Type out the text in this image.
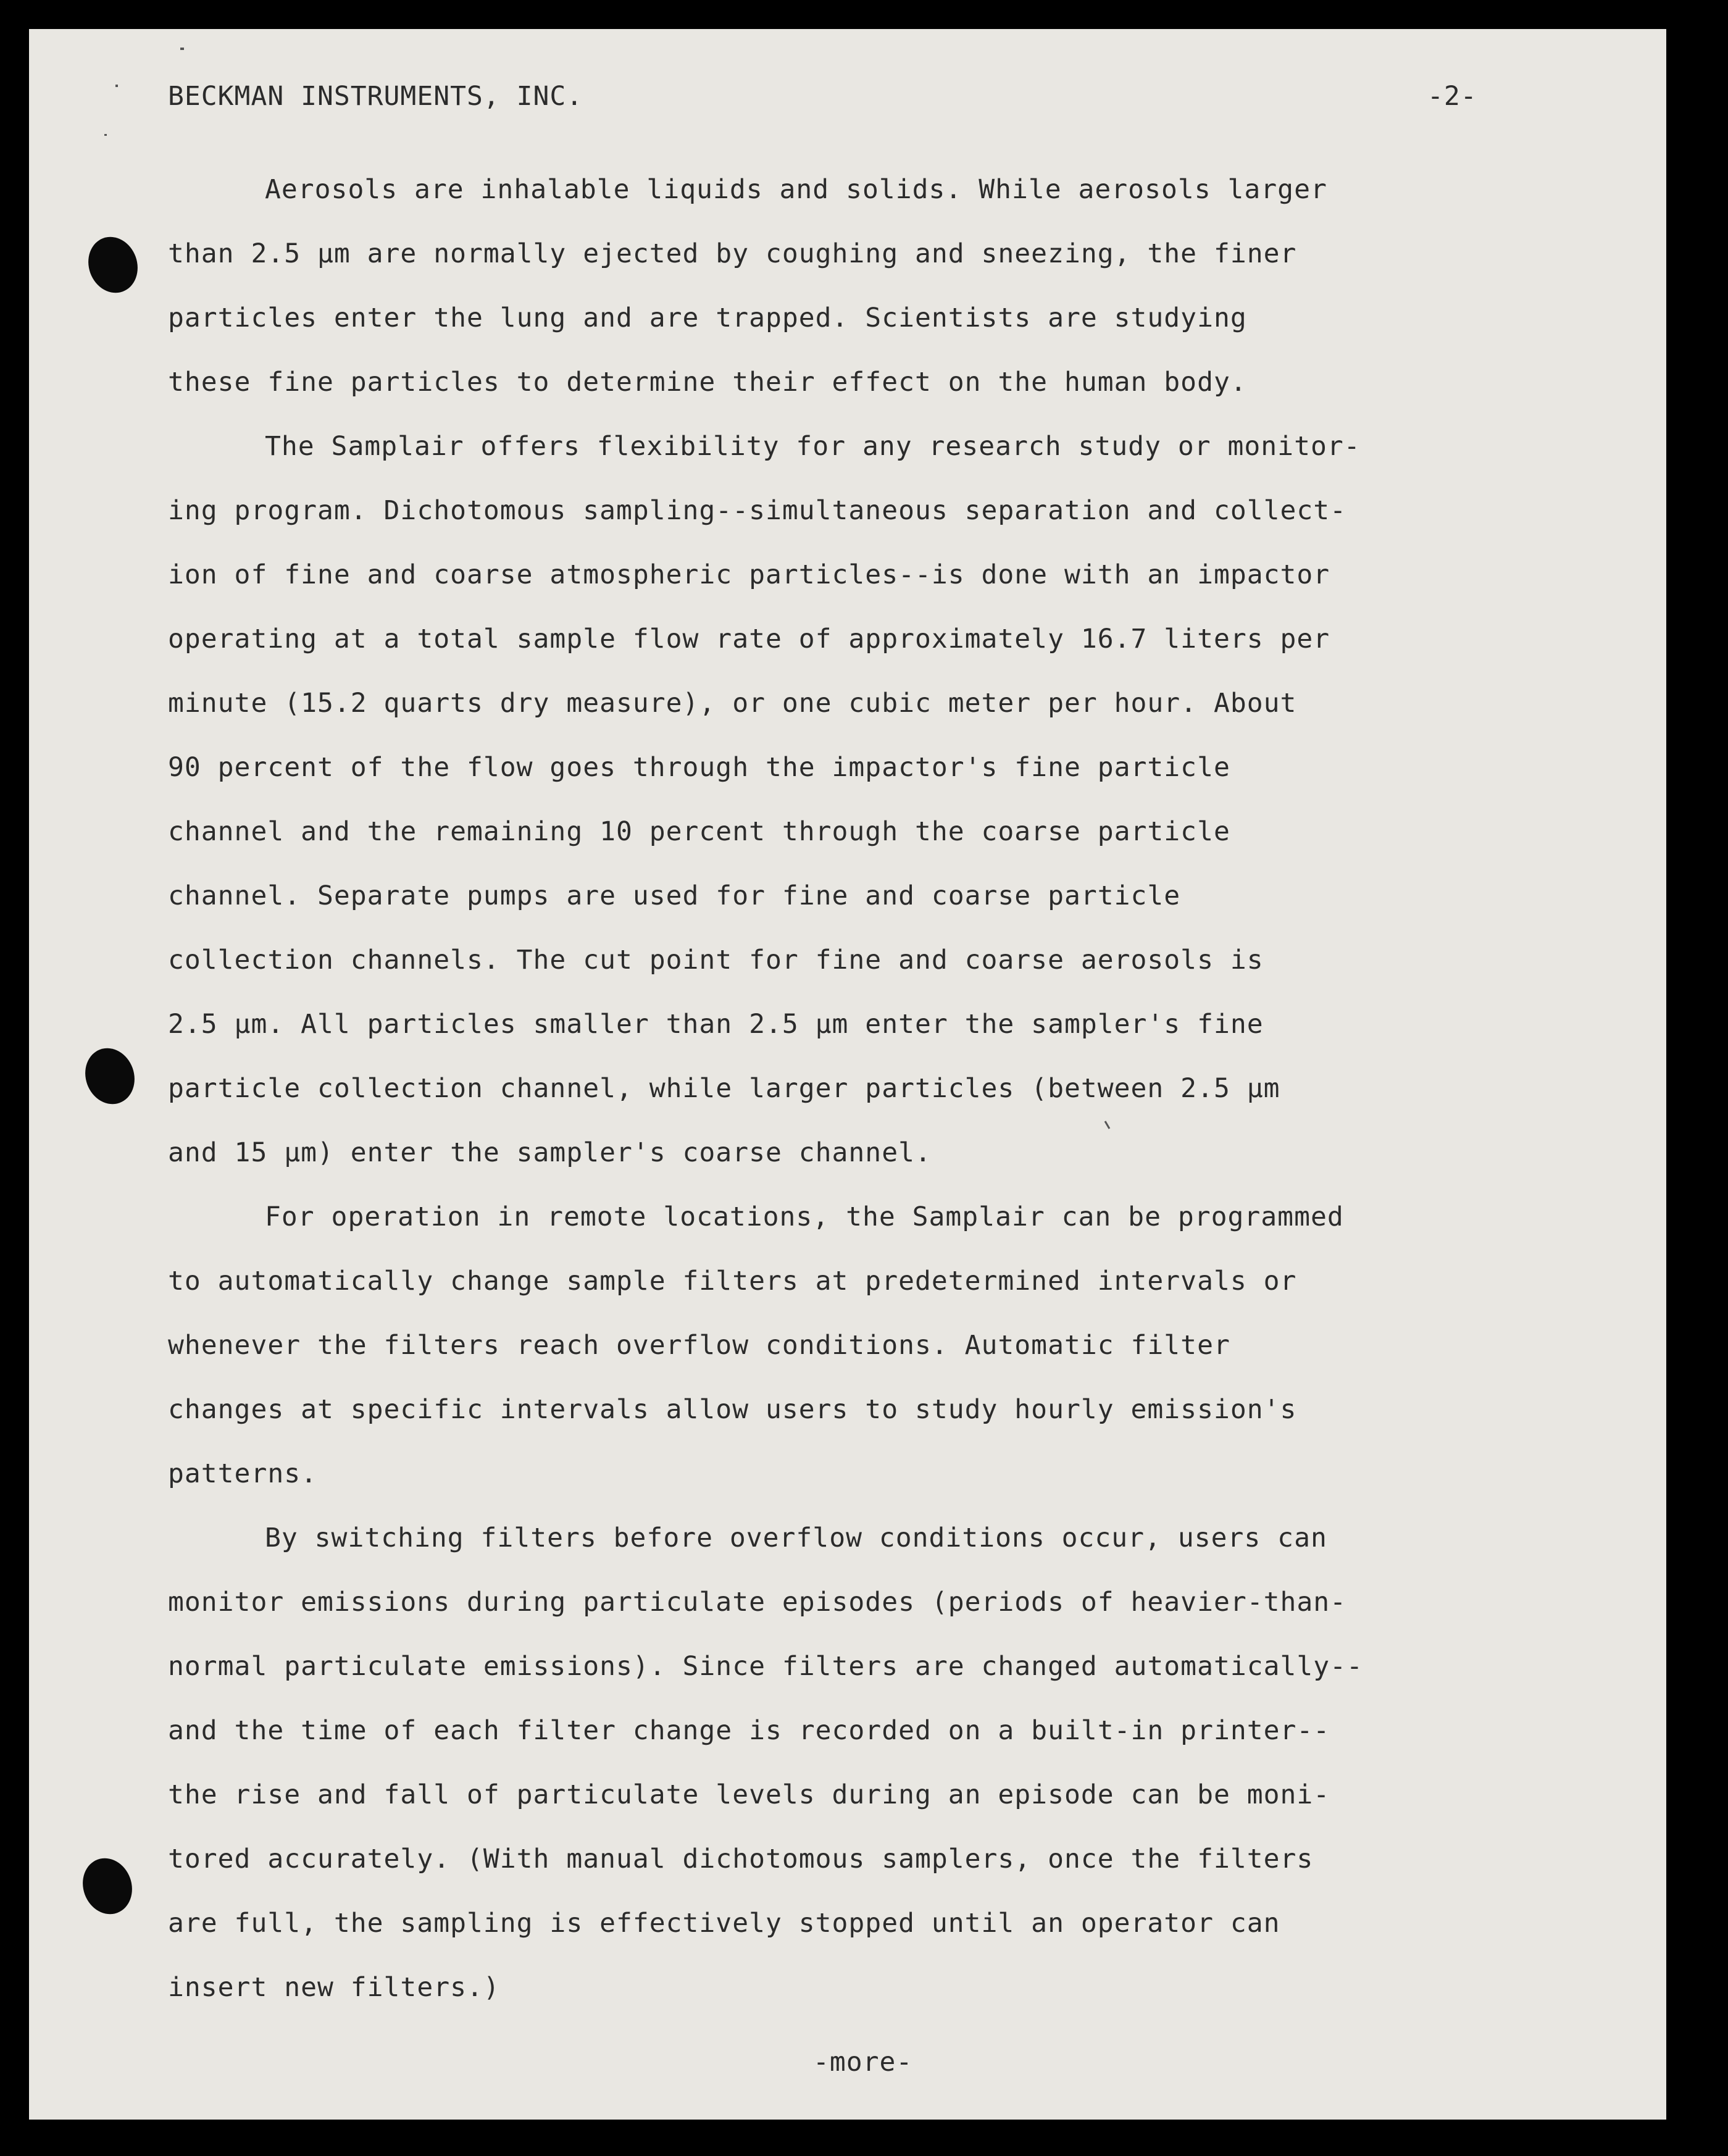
BECKMAN INSTRUMENTS, INC.	-2-

Aerosols are inhalable liquids and solids. While aerosols larger

than 2.5 μm are normally ejected by coughing and sneezing, the finer

particles enter the lung and are trapped. Scientists are studying

these fine particles to determine their effect on the human body.

The Samplair offers flexibility for any research study or monitor-

ing program. Dichotomous sampling--simultaneous separation and collect-

ion of fine and coarse atmospheric particles--is done with an impactor

operating at a total sample flow rate of approximately 16.7 liters per

minute (15.2 quarts dry measure), or one cubic meter per hour. About

90 percent of the flow goes through the impactor's fine particle

channel and the remaining 10 percent through the coarse particle

channel. Separate pumps are used for fine and coarse particle

collection channels. The cut point for fine and coarse aerosols is

2.5 μm. All particles smaller than 2.5 μm enter the sampler's fine

particle collection channel, while larger particles (between 2.5 μm

and 15 μm) enter the sampler's coarse channel.

For operation in remote locations, the Samplair can be programmed

to automatically change sample filters at predetermined intervals or

whenever the filters reach overflow conditions. Automatic filter

changes at specific intervals allow users to study hourly emission's

patterns.

By switching filters before overflow conditions occur, users can

monitor emissions during particulate episodes (periods of heavier-than-

normal particulate emissions). Since filters are changed automatically--

and the time of each filter change is recorded on a built-in printer--

the rise and fall of particulate levels during an episode can be moni-

tored accurately. (With manual dichotomous samplers, once the filters

are full, the sampling is effectively stopped until an operator can

insert new filters.)

-more-
